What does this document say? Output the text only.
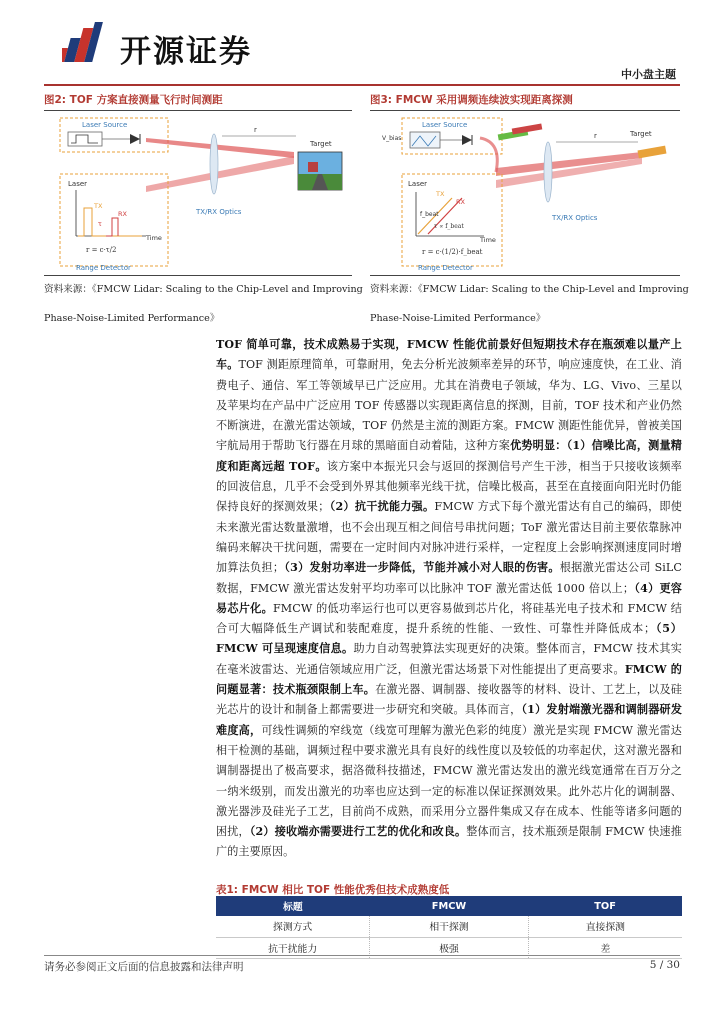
开源证券
中小盘主题
图2: TOF 方案直接测量飞行时间测距
Laser Source
r
Target
Laser
Time
TX
RX
τ
r = c·τ/2
TX/RX Optics
Range Detector
资料来源：《FMCW Lidar: Scaling to the Chip-Level and Improving
Phase-Noise-Limited Performance》
图3: FMCW 采用调频连续波实现距离探测
Laser Source
V_bias	r	Target
Laser
Time
TX
RX
f_beat
τ ∝ f_beat
r = c·(1/2)·f_beat
TX/RX Optics
Range Detector
资料来源：《FMCW Lidar: Scaling to the Chip-Level and Improving
Phase-Noise-Limited Performance》
TOF 简单可靠，技术成熟易于实现，FMCW 性能优前景好但短期技术存在瓶颈难以量产上车。TOF 测距原理简单，可靠耐用，免去分析光波频率差异的环节，响应速度快，在工业、消费电子、通信、军工等领域早已广泛应用。尤其在消费电子领域，华为、LG、Vivo、三星以及苹果均在产品中广泛应用 TOF 传感器以实现距离信息的探测，目前，TOF 技术和产业仍然不断演进，在激光雷达领域，TOF 仍然是主流的测距方案。FMCW 测距性能优异，曾被美国宇航局用于帮助飞行器在月球的黑暗面自动着陆，这种方案优势明显：（1）信噪比高，测量精度和距离远超 TOF。该方案中本振光只会与返回的探测信号产生干涉，相当于只接收该频率的回波信息，几乎不会受到外界其他频率光线干扰，信噪比极高，甚至在直接面向阳光时仍能保持良好的探测效果；（2）抗干扰能力强。FMCW 方式下每个激光雷达有自己的编码，即使未来激光雷达数量激增，也不会出现互相之间信号串扰问题；ToF 激光雷达目前主要依靠脉冲编码来解决干扰问题，需要在一定时间内对脉冲进行采样，一定程度上会影响探测速度同时增加算法负担；（3）发射功率进一步降低，节能并减小对人眼的伤害。根据激光雷达公司 SiLC 数据，FMCW 激光雷达发射平均功率可以比脉冲 TOF 激光雷达低 1000 倍以上；（4）更容易芯片化。FMCW 的低功率运行也可以更容易做到芯片化，将硅基光电子技术和 FMCW 结合可大幅降低生产调试和装配难度，提升系统的性能、一致性、可靠性并降低成本；（5）FMCW 可呈现速度信息。助力自动驾驶算法实现更好的决策。整体而言，FMCW 技术其实在毫米波雷达、光通信领域应用广泛，但激光雷达场景下对性能提出了更高要求。FMCW 的问题显著：技术瓶颈限制上车。在激光器、调制器、接收器等的材料、设计、工艺上，以及硅光芯片的设计和制备上都需要进一步研究和突破。具体而言，（1）发射端激光器和调制器研发难度高，可线性调频的窄线宽（线宽可理解为激光色彩的纯度）激光是实现 FMCW 激光雷达相干检测的基础，调频过程中要求激光具有良好的线性度以及较低的功率起伏，这对激光器和调制器提出了极高要求，据洛微科技描述，FMCW 激光雷达发出的激光线宽通常在百万分之一纳米级别，而发出激光的功率也应达到一定的标准以保证探测效果。此外芯片化的调制器、激光器涉及硅光子工艺，目前尚不成熟，而采用分立器件集成又存在成本、性能等诸多问题的困扰，（2）接收端亦需要进行工艺的优化和改良。整体而言，技术瓶颈是限制 FMCW 快速推广的主要原因。
表1: FMCW 相比 TOF 性能优秀但技术成熟度低
标题	FMCW	TOF
探测方式	相干探测	直接探测
抗干扰能力	极强	差
请务必参阅正文后面的信息披露和法律声明	5 / 30
